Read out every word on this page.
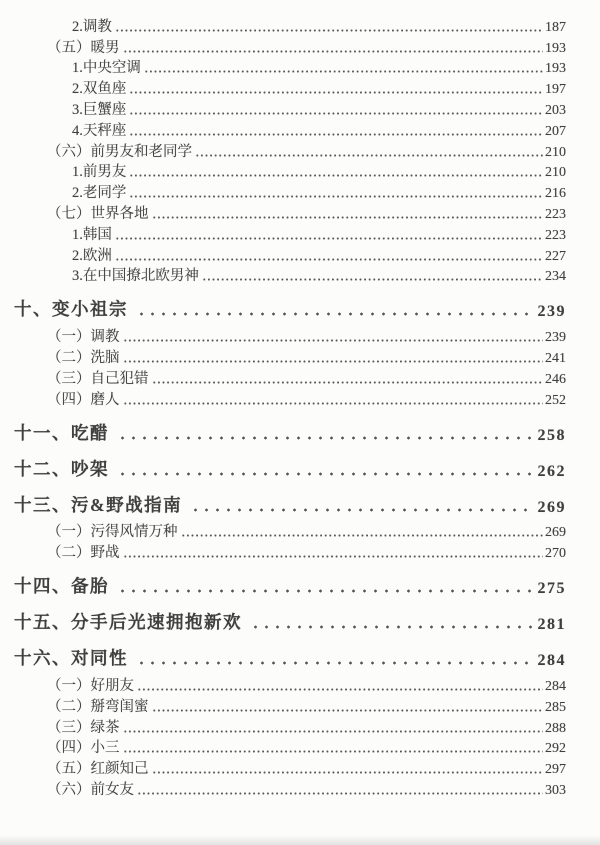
2.调教	187
（五）暖男	193
1.中央空调	193
2.双鱼座	197
3.巨蟹座	203
4.天秤座	207
（六）前男友和老同学	210
1.前男友	210
2.老同学	216
（七）世界各地	223
1.韩国	223
2.欧洲	227
3.在中国撩北欧男神	234
十、变小祖宗	239
（一）调教	239
（二）洗脑	241
（三）自己犯错	246
（四）磨人	252
十一、吃醋	258
十二、吵架	262
十三、污&野战指南	269
（一）污得风情万种	269
（二）野战	270
十四、备胎	275
十五、分手后光速拥抱新欢	281
十六、对同性	284
（一）好朋友	284
（二）掰弯闺蜜	285
（三）绿茶	288
（四）小三	292
（五）红颜知己	297
（六）前女友	303
